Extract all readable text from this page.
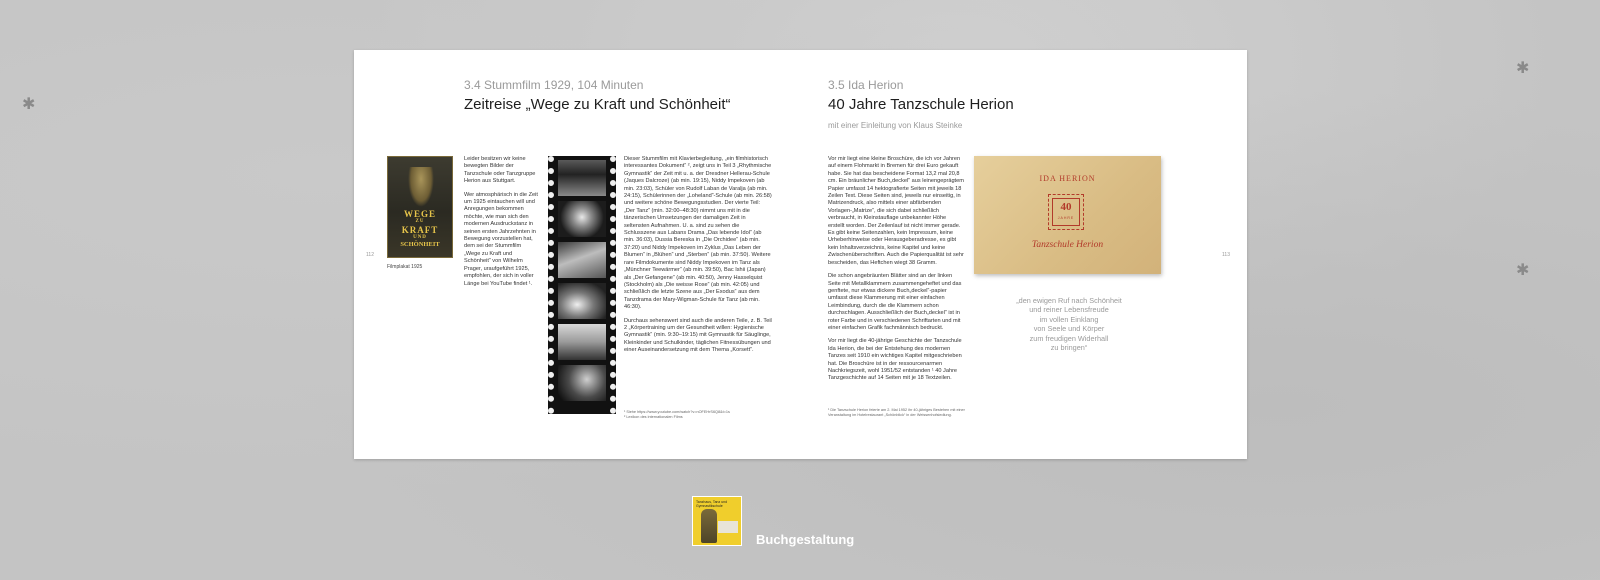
✱
✱
✱
112
3.4 Stummfilm 1929, 104 Minuten
Zeitreise „Wege zu Kraft und Schönheit“
WEGE
ZU
KRAFT
UND
SCHÖNHEIT
Filmplakat 1925

Leider besitzen wir keine bewegten Bilder der Tanzschule oder Tanzgruppe Herion aus Stuttgart.

Wer atmosphärisch in die Zeit um 1925 eintauchen will und Anregungen bekommen möchte, wie man sich den modernen Ausdruckstanz in seinen ersten Jahrzehnten in Bewegung vorzustellen hat, dem sei der Stummfilm „Wege zu Kraft und Schönheit“ von Wilhelm Prager, uraufgeführt 1925, empfohlen, der sich in voller Länge bei YouTube findet ¹.

Dieser Stummfilm mit Klavierbegleitung, „ein filmhistorisch interessantes Dokument“ ², zeigt uns in Teil 3 „Rhythmische Gymnastik“ der Zeit mit u. a. der Dresdner Hellerau-Schule (Jaques Dalcroze) (ab min. 19:15), Niddy Impekoven (ab min. 23:03), Schüler von Rudolf Laban de Varalja (ab min. 24:15), Schülerinnen der „Loheland“-Schule (ab min. 26:58) und weitere schöne Bewegungsstudien. Der vierte Teil: „Der Tanz“ (min. 32:00–48:30) nimmt uns mit in die tänzerischen Umsetzungen der damaligen Zeit in seltensten Aufnahmen. U. a. sind zu sehen die Schlusszene aus Labans Drama „Das lebende Idol“ (ab min. 36:03), Dussia Bereska in „Die Orchidee“ (ab min. 37:20) und Niddy Impekoven im Zyklus „Das Leben der Blumen“ in „Blühen“ und „Sterben“ (ab min. 37:50). Weitere rare Filmdokumente sind Niddy Impekoven im Tanz als „Münchner Teewärmer“ (ab min. 39:50), Bac Ishii (Japan) als „Der Gefangene“ (ab min. 40:50), Jenny Hasselquist (Stockholm) als „Die weisse Rose“ (ab min. 42:05) und schließlich die letzte Szene aus „Der Exodus“ aus dem Tanzdrama der Mary-Wigman-Schule für Tanz (ab min. 46:30).

Durchaus sehenswert sind auch die anderen Teile, z. B. Teil 2 „Körpertraining um der Gesundheit willen: Hygienische Gymnastik“ (min. 9:30–19:15) mit Gymnastik für Säuglinge, Kleinkinder und Schulkinder, täglichen Fitnessübungen und einer Auseinandersetzung mit dem Thema „Korsett“.

¹ Siehe https://www.youtube.com/watch?v=nOFEHrS6Q8&t=1s
² Lexikon des internationalen Films
113
3.5 Ida Herion
40 Jahre Tanzschule Herion
mit einer Einleitung von Klaus Steinke

Vor mir liegt eine kleine Broschüre, die ich vor Jahren auf einem Flohmarkt in Bremen für drei Euro gekauft habe. Sie hat das bescheidene Format 13,2 mal 20,8 cm. Ein bräunlicher Buch„deckel“ aus leinengeprägtem Papier umfasst 14 hektografierte Seiten mit jeweils 18 Zeilen Text. Diese Seiten sind, jeweils nur einseitig, in Matrizendruck, also mittels einer abfärbenden Vorlagen-„Matrize“, die sich dabei schließlich verbraucht, in Kleinstauflage unbekannter Höhe erstellt worden. Der Zeilenlauf ist nicht immer gerade. Es gibt keine Seitenzahlen, kein Impressum, keine Urheberhinweise oder Herausgeberadresse, es gibt kein Inhaltsverzeichnis, keine Kapitel und keine Zwischenüberschriften. Auch die Papierqualität ist sehr bescheiden, das Heftchen wiegt 38 Gramm.

Die schon angebräunten Blätter sind an der linken Seite mit Metallklammern zusammengeheftet und das genftete, nur etwas dickere Buch„deckel“-papier umfasst diese Klammerung mit einer einfachen Leimbindung, durch die die Klammern schon durchschlagen. Ausschließlich der Buch„deckel“ ist in roter Farbe und in verschiedenen Schriftarten und mit einer einfachen Grafik fachmännisch bedruckt.

Vor mir liegt die 40-jährige Geschichte der Tanzschule Ida Herion, die bei der Entstehung des modernen Tanzes seit 1910 ein wichtiges Kapitel mitgeschrieben hat. Die Broschüre ist in der ressourcenarmen Nachkriegszeit, wohl 1951/52 entstanden ¹ 40 Jahre Tanzgeschichte auf 14 Seiten mit je 18 Textzeilen.

¹ Die Tanzschule Herion feierte am 2. Mai 1952 ihr 40-jähriges Bestehen mit einer Veranstaltung im Hotelrestaurant „Schönblick“ in der Weissenhofsiedlung.
IDA HERION
40
JAHRE
Tanzschule Herion
„den ewigen Ruf nach Schönheit
und reiner Lebensfreude
im vollen Einklang
von Seele und Körper
zum freudigen Widerhall
zu bringen“
Tanzhaus, Tanz und
Gymnastikschule
Buchgestaltung
